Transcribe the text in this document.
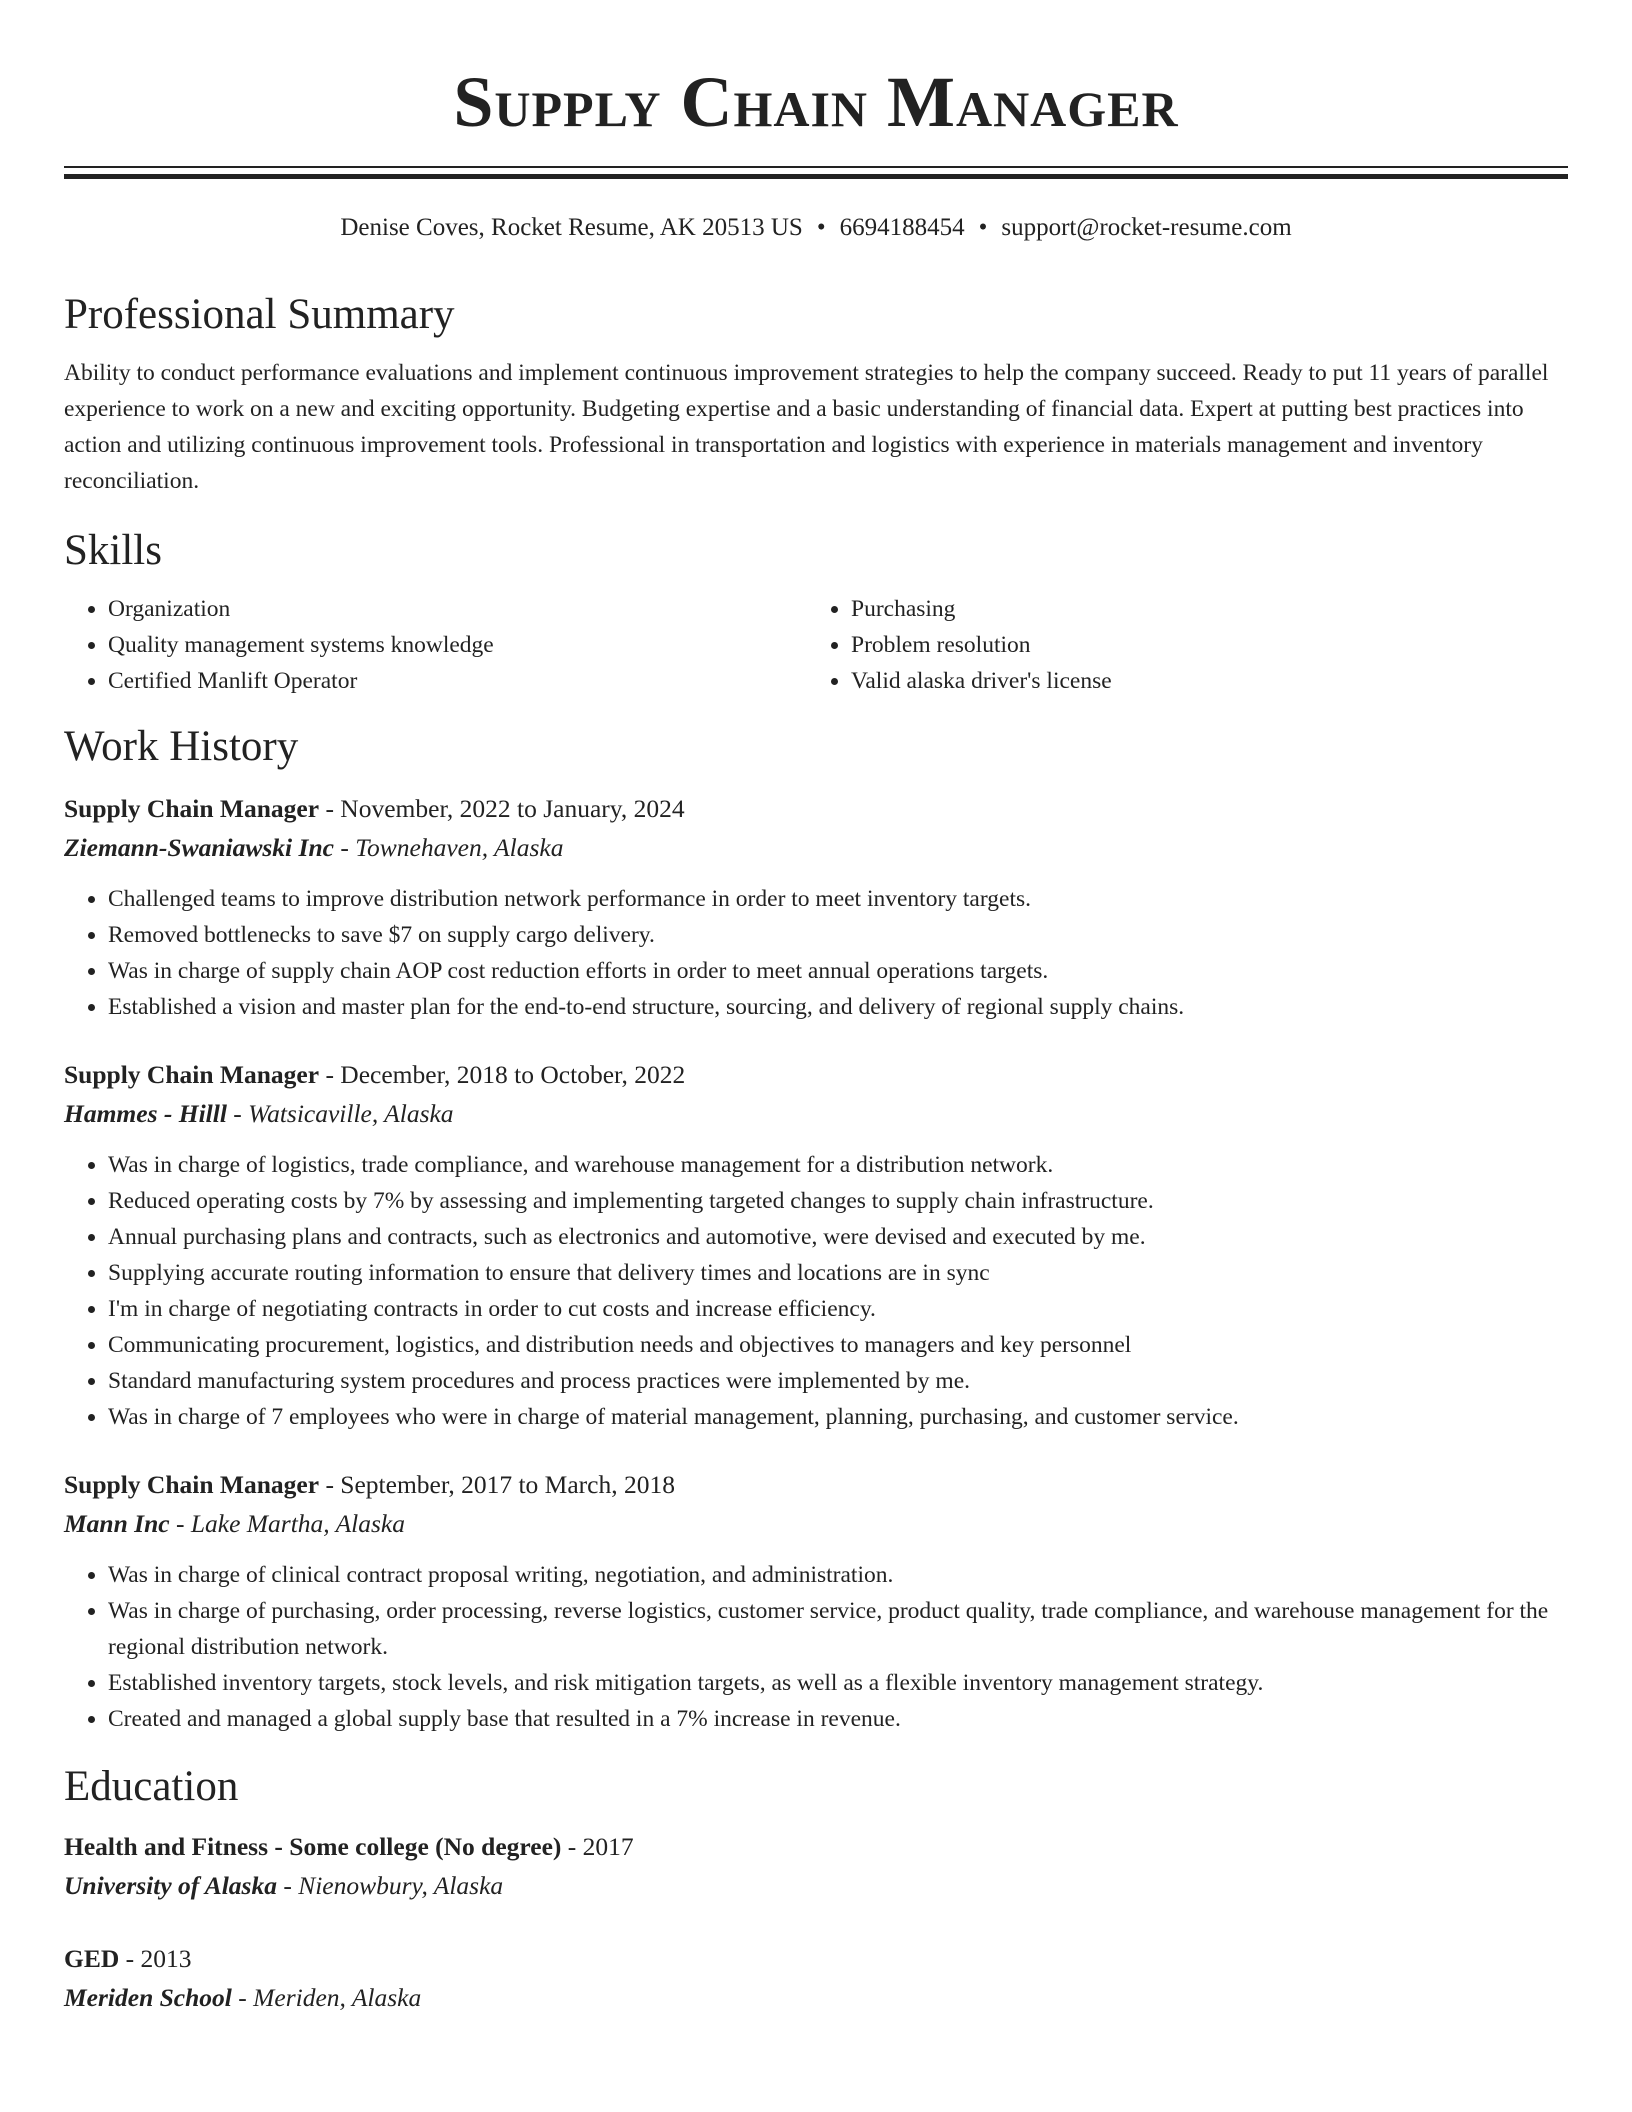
Supply Chain Manager
Denise Coves, Rocket Resume, AK 20513 US • 6694188454 • support@rocket-resume.com
Professional Summary

Ability to conduct performance evaluations and implement continuous improvement strategies to help the company succeed. Ready to put 11 years of parallel experience to work on a new and exciting opportunity. Budgeting expertise and a basic understanding of financial data. Expert at putting best practices into action and utilizing continuous improvement tools. Professional in transportation and logistics with experience in materials management and inventory reconciliation.

Skills
• Organization
• Quality management systems knowledge
• Certified Manlift Operator
• Purchasing
• Problem resolution
• Valid alaska driver's license
Work History
Supply Chain Manager - November, 2022 to January, 2024
Ziemann-Swaniawski Inc - Townehaven, Alaska
• Challenged teams to improve distribution network performance in order to meet inventory targets.
• Removed bottlenecks to save $7 on supply cargo delivery.
• Was in charge of supply chain AOP cost reduction efforts in order to meet annual operations targets.
• Established a vision and master plan for the end-to-end structure, sourcing, and delivery of regional supply chains.
Supply Chain Manager - December, 2018 to October, 2022
Hammes - Hilll - Watsicaville, Alaska
• Was in charge of logistics, trade compliance, and warehouse management for a distribution network.
• Reduced operating costs by 7% by assessing and implementing targeted changes to supply chain infrastructure.
• Annual purchasing plans and contracts, such as electronics and automotive, were devised and executed by me.
• Supplying accurate routing information to ensure that delivery times and locations are in sync
• I'm in charge of negotiating contracts in order to cut costs and increase efficiency.
• Communicating procurement, logistics, and distribution needs and objectives to managers and key personnel
• Standard manufacturing system procedures and process practices were implemented by me.
• Was in charge of 7 employees who were in charge of material management, planning, purchasing, and customer service.
Supply Chain Manager - September, 2017 to March, 2018
Mann Inc - Lake Martha, Alaska
• Was in charge of clinical contract proposal writing, negotiation, and administration.
• Was in charge of purchasing, order processing, reverse logistics, customer service, product quality, trade compliance, and warehouse management for the regional distribution network.
• Established inventory targets, stock levels, and risk mitigation targets, as well as a flexible inventory management strategy.
• Created and managed a global supply base that resulted in a 7% increase in revenue.
Education
Health and Fitness - Some college (No degree) - 2017
University of Alaska - Nienowbury, Alaska
GED - 2013
Meriden School - Meriden, Alaska
